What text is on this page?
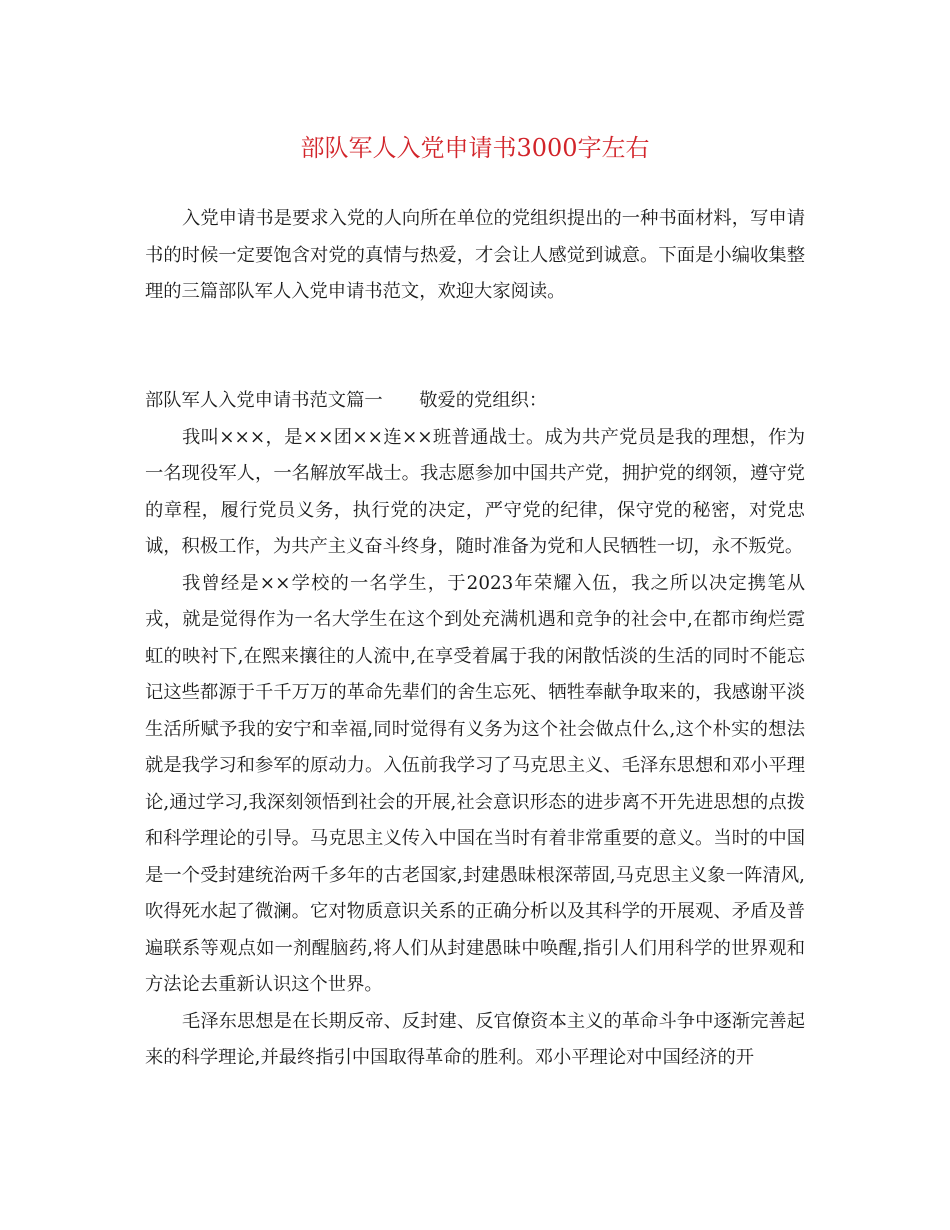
部队军人入党申请书3000字左右

入党申请书是要求入党的人向所在单位的党组织提出的一种书面材料，写申请书的时候一定要饱含对党的真情与热爱，才会让人感觉到诚意。下面是小编收集整理的三篇部队军人入党申请书范文，欢迎大家阅读。

部队军人入党申请书范文篇一　　敬爱的党组织：

我叫×××，是××团××连××班普通战士。成为共产党员是我的理想，作为一名现役军人，一名解放军战士。我志愿参加中国共产党，拥护党的纲领，遵守党的章程，履行党员义务，执行党的决定，严守党的纪律，保守党的秘密，对党忠诚，积极工作，为共产主义奋斗终身，随时准备为党和人民牺牲一切，永不叛党。

我曾经是××学校的一名学生，于2023年荣耀入伍，我之所以决定携笔从戎，就是觉得作为一名大学生在这个到处充满机遇和竞争的社会中,在都市绚烂霓虹的映衬下,在熙来攘往的人流中,在享受着属于我的闲散恬淡的生活的同时不能忘记这些都源于千千万万的革命先辈们的舍生忘死、牺牲奉献争取来的，我感谢平淡生活所赋予我的安宁和幸福,同时觉得有义务为这个社会做点什么,这个朴实的想法就是我学习和参军的原动力。入伍前我学习了马克思主义、毛泽东思想和邓小平理论,通过学习,我深刻领悟到社会的开展,社会意识形态的进步离不开先进思想的点拨和科学理论的引导。马克思主义传入中国在当时有着非常重要的意义。当时的中国是一个受封建统治两千多年的古老国家,封建愚昧根深蒂固,马克思主义象一阵清风,吹得死水起了微澜。它对物质意识关系的正确分析以及其科学的开展观、矛盾及普遍联系等观点如一剂醒脑药,将人们从封建愚昧中唤醒,指引人们用科学的世界观和方法论去重新认识这个世界。

毛泽东思想是在长期反帝、反封建、反官僚资本主义的革命斗争中逐渐完善起来的科学理论,并最终指引中国取得革命的胜利。邓小平理论对中国经济的开
